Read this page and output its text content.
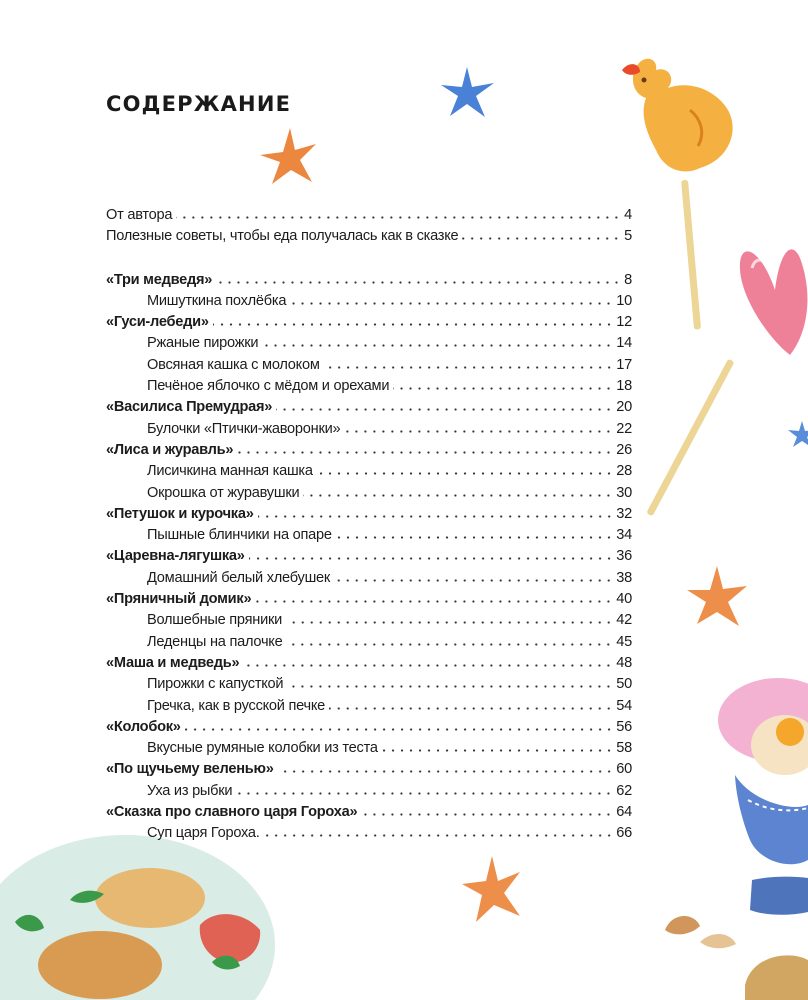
СОДЕРЖАНИЕ
От автора	4
Полезные советы, чтобы еда получалась как в сказке	5
«Три медведя»	8
Мишуткина похлёбка	10
«Гуси-лебеди»	12
Ржаные пирожки	14
Овсяная кашка с молоком	17
Печёное яблочко с мёдом и орехами	18
«Василиса Премудрая»	20
Булочки «Птички-жаворонки»	22
«Лиса и журавль»	26
Лисичкина манная кашка	28
Окрошка от журавушки	30
«Петушок и курочка»	32
Пышные блинчики на опаре	34
«Царевна-лягушка»	36
Домашний белый хлебушек	38
«Пряничный домик»	40
Волшебные пряники	42
Леденцы на палочке	45
«Маша и медведь»	48
Пирожки с капусткой	50
Гречка, как в русской печке	54
«Колобок»	56
Вкусные румяные колобки из теста	58
«По щучьему веленью»	60
Уха из рыбки	62
«Сказка про славного царя Гороха»	64
Суп царя Гороха.	66
